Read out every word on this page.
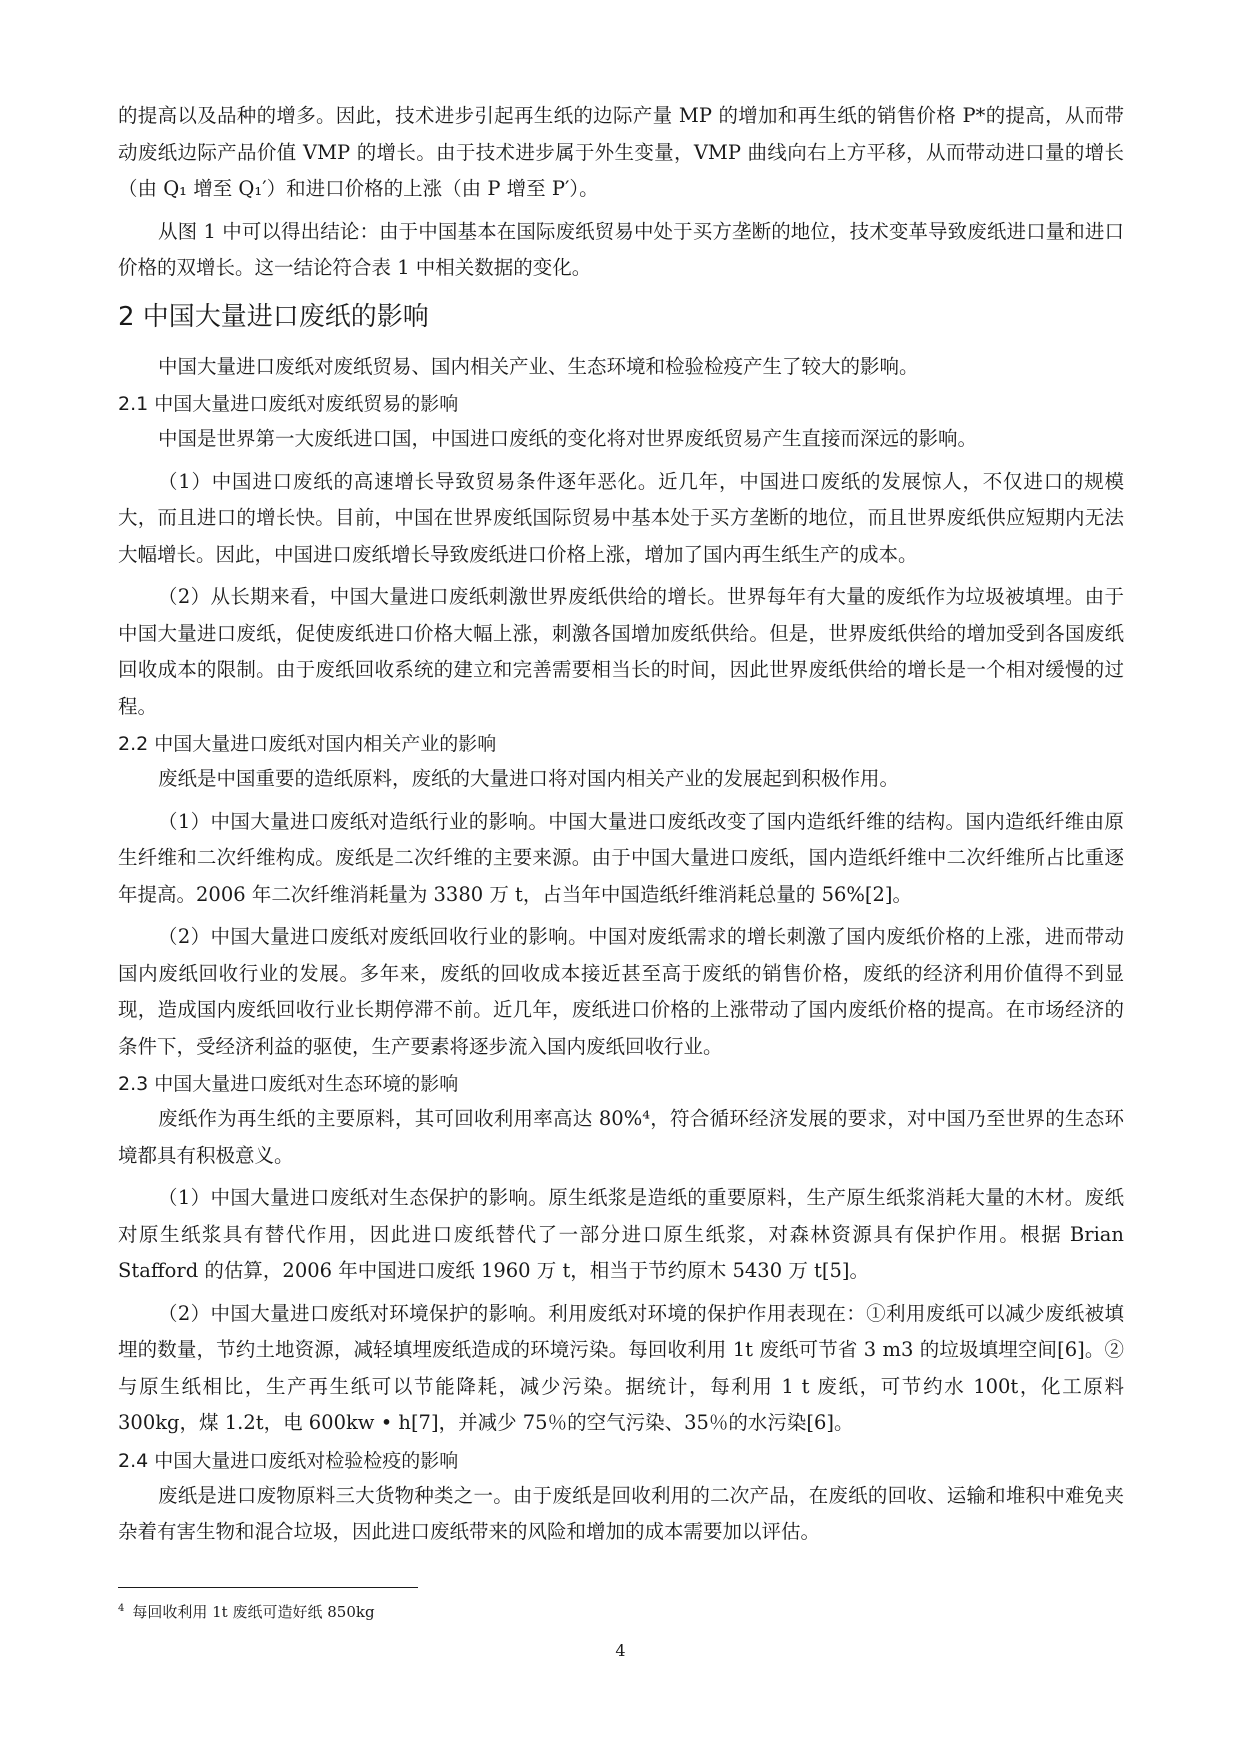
的提高以及品种的增多。因此，技术进步引起再生纸的边际产量 MP 的增加和再生纸的销售价格 P*的提高，从而带动废纸边际产品价值 VMP 的增长。由于技术进步属于外生变量，VMP 曲线向右上方平移，从而带动进口量的增长（由 Q₁ 增至 Q₁′）和进口价格的上涨（由 P 增至 P′）。

从图 1 中可以得出结论：由于中国基本在国际废纸贸易中处于买方垄断的地位，技术变革导致废纸进口量和进口价格的双增长。这一结论符合表 1 中相关数据的变化。

2 中国大量进口废纸的影响

中国大量进口废纸对废纸贸易、国内相关产业、生态环境和检验检疫产生了较大的影响。

2.1 中国大量进口废纸对废纸贸易的影响

中国是世界第一大废纸进口国，中国进口废纸的变化将对世界废纸贸易产生直接而深远的影响。

（1）中国进口废纸的高速增长导致贸易条件逐年恶化。近几年，中国进口废纸的发展惊人，不仅进口的规模大，而且进口的增长快。目前，中国在世界废纸国际贸易中基本处于买方垄断的地位，而且世界废纸供应短期内无法大幅增长。因此，中国进口废纸增长导致废纸进口价格上涨，增加了国内再生纸生产的成本。

（2）从长期来看，中国大量进口废纸刺激世界废纸供给的增长。世界每年有大量的废纸作为垃圾被填埋。由于中国大量进口废纸，促使废纸进口价格大幅上涨，刺激各国增加废纸供给。但是，世界废纸供给的增加受到各国废纸回收成本的限制。由于废纸回收系统的建立和完善需要相当长的时间，因此世界废纸供给的增长是一个相对缓慢的过程。

2.2 中国大量进口废纸对国内相关产业的影响

废纸是中国重要的造纸原料，废纸的大量进口将对国内相关产业的发展起到积极作用。

（1）中国大量进口废纸对造纸行业的影响。中国大量进口废纸改变了国内造纸纤维的结构。国内造纸纤维由原生纤维和二次纤维构成。废纸是二次纤维的主要来源。由于中国大量进口废纸，国内造纸纤维中二次纤维所占比重逐年提高。2006 年二次纤维消耗量为 3380 万 t，占当年中国造纸纤维消耗总量的 56%[2]。

（2）中国大量进口废纸对废纸回收行业的影响。中国对废纸需求的增长刺激了国内废纸价格的上涨，进而带动国内废纸回收行业的发展。多年来，废纸的回收成本接近甚至高于废纸的销售价格，废纸的经济利用价值得不到显现，造成国内废纸回收行业长期停滞不前。近几年，废纸进口价格的上涨带动了国内废纸价格的提高。在市场经济的条件下，受经济利益的驱使，生产要素将逐步流入国内废纸回收行业。

2.3 中国大量进口废纸对生态环境的影响

废纸作为再生纸的主要原料，其可回收利用率高达 80%⁴，符合循环经济发展的要求，对中国乃至世界的生态环境都具有积极意义。

（1）中国大量进口废纸对生态保护的影响。原生纸浆是造纸的重要原料，生产原生纸浆消耗大量的木材。废纸对原生纸浆具有替代作用，因此进口废纸替代了一部分进口原生纸浆，对森林资源具有保护作用。根据 Brian Stafford 的估算，2006 年中国进口废纸 1960 万 t，相当于节约原木 5430 万 t[5]。

（2）中国大量进口废纸对环境保护的影响。利用废纸对环境的保护作用表现在：①利用废纸可以减少废纸被填埋的数量，节约土地资源，减轻填埋废纸造成的环境污染。每回收利用 1t 废纸可节省 3 m3 的垃圾填埋空间[6]。②与原生纸相比，生产再生纸可以节能降耗，减少污染。据统计，每利用 1 t 废纸，可节约水 100t，化工原料 300kg，煤 1.2t，电 600kw • h[7]，并减少 75％的空气污染、35％的水污染[6]。

2.4 中国大量进口废纸对检验检疫的影响

废纸是进口废物原料三大货物种类之一。由于废纸是回收利用的二次产品，在废纸的回收、运输和堆积中难免夹杂着有害生物和混合垃圾，因此进口废纸带来的风险和增加的成本需要加以评估。

$^4$ 每回收利用 1t 废纸可造好纸 850kg
4
